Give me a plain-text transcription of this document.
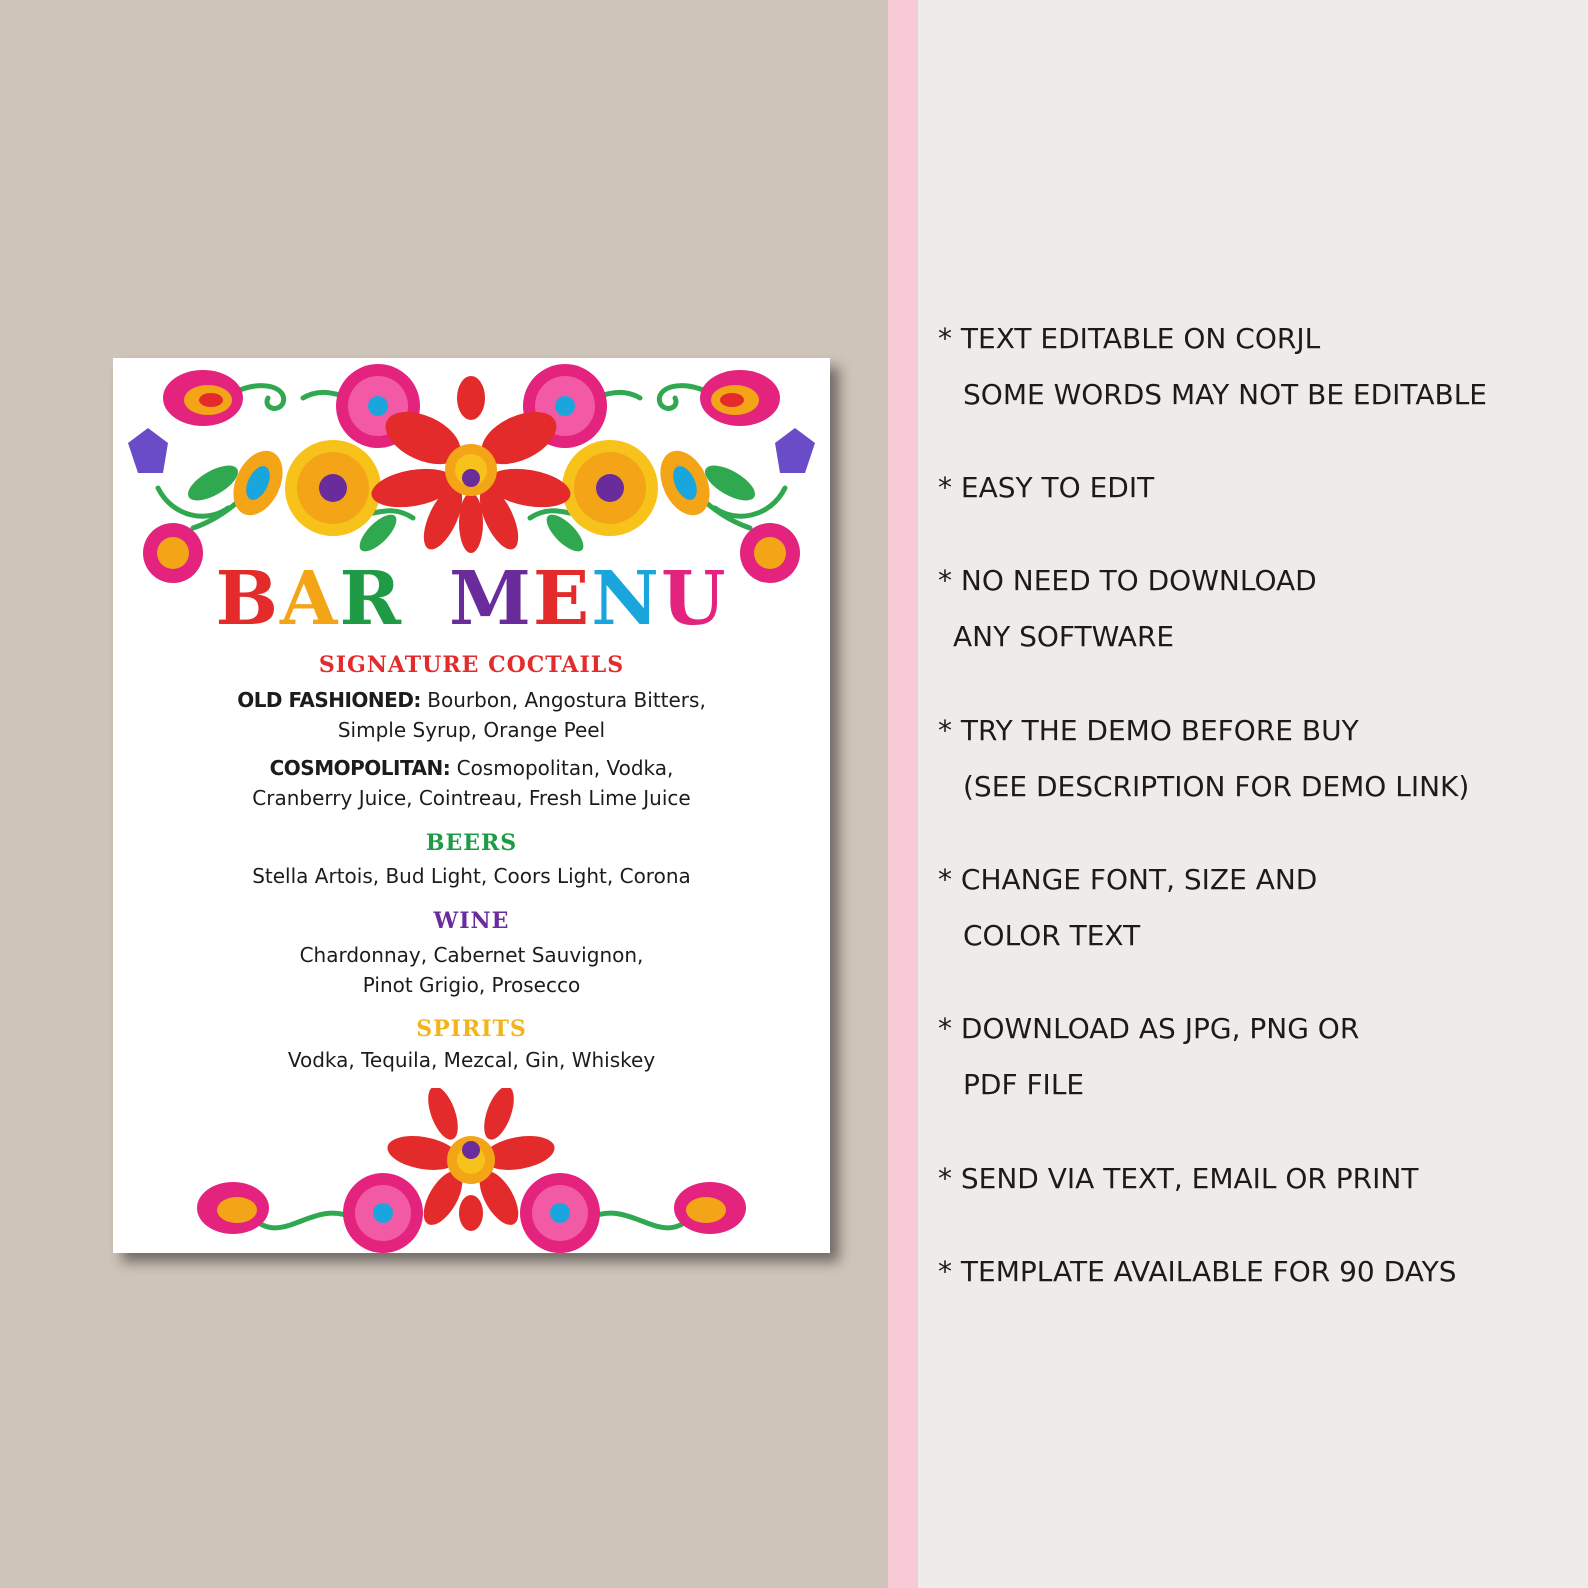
BAR MENU
SIGNATURE COCTAILS
OLD FASHIONED: Bourbon, Angostura Bitters,
Simple Syrup, Orange Peel
COSMOPOLITAN: Cosmopolitan, Vodka,
Cranberry Juice, Cointreau, Fresh Lime Juice
BEERS
Stella Artois, Bud Light, Coors Light, Corona
WINE
Chardonnay, Cabernet Sauvignon,
Pinot Grigio, Prosecco
SPIRITS
Vodka, Tequila, Mezcal, Gin, Whiskey
* TEXT EDITABLE ON CORJL
SOME WORDS MAY NOT BE EDITABLE
* EASY TO EDIT
* NO NEED TO DOWNLOAD
ANY SOFTWARE
* TRY THE DEMO BEFORE BUY
(SEE DESCRIPTION FOR DEMO LINK)
* CHANGE FONT, SIZE AND
COLOR TEXT
* DOWNLOAD AS JPG, PNG OR
PDF FILE
* SEND VIA TEXT, EMAIL OR PRINT
* TEMPLATE AVAILABLE FOR 90 DAYS
